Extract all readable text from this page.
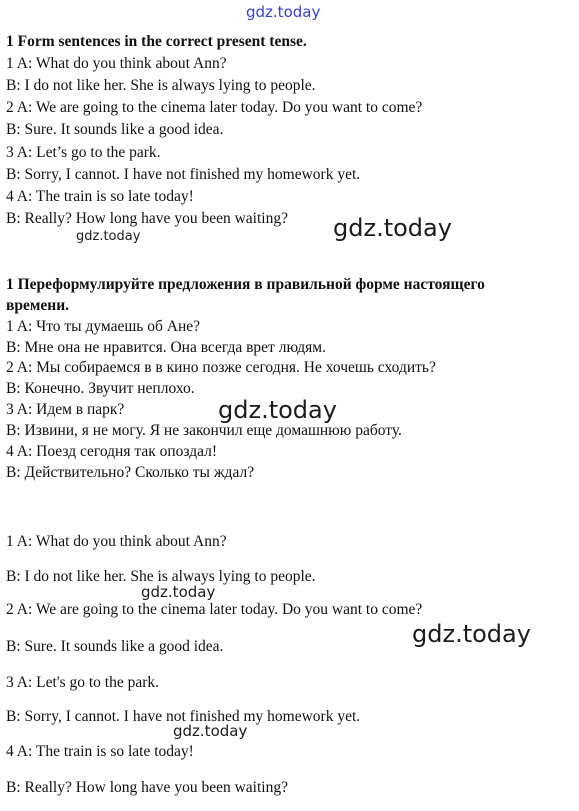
gdz.today
gdz.today
gdz.today
gdz.today
gdz.today
gdz.today
gdz.today
1 Form sentences in the correct present tense.
1 A: What do you think about Ann?
B: I do not like her. She is always lying to people.
2 A: We are going to the cinema later today. Do you want to come?
B: Sure. It sounds like a good idea.
3 A: Let’s go to the park.
B: Sorry, I cannot. I have not finished my homework yet.
4 A: The train is so late today!
B: Really? How long have you been waiting?
1 Переформулируйте предложения в правильной форме настоящего
времени.
1 A: Что ты думаешь об Ане?
B: Мне она не нравится. Она всегда врет людям.
2 A: Мы собираемся в в кино позже сегодня. Не хочешь сходить?
B: Конечно. Звучит неплохо.
3 A: Идем в парк?
B: Извини, я не могу. Я не закончил еще домашнюю работу.
4 A: Поезд сегодня так опоздал!
B: Действительно? Сколько ты ждал?
1 A: What do you think about Ann?
B: I do not like her. She is always lying to people.
2 A: We are going to the cinema later today. Do you want to come?
B: Sure. It sounds like a good idea.
3 A: Let's go to the park.
B: Sorry, I cannot. I have not finished my homework yet.
4 A: The train is so late today!
B: Really? How long have you been waiting?
